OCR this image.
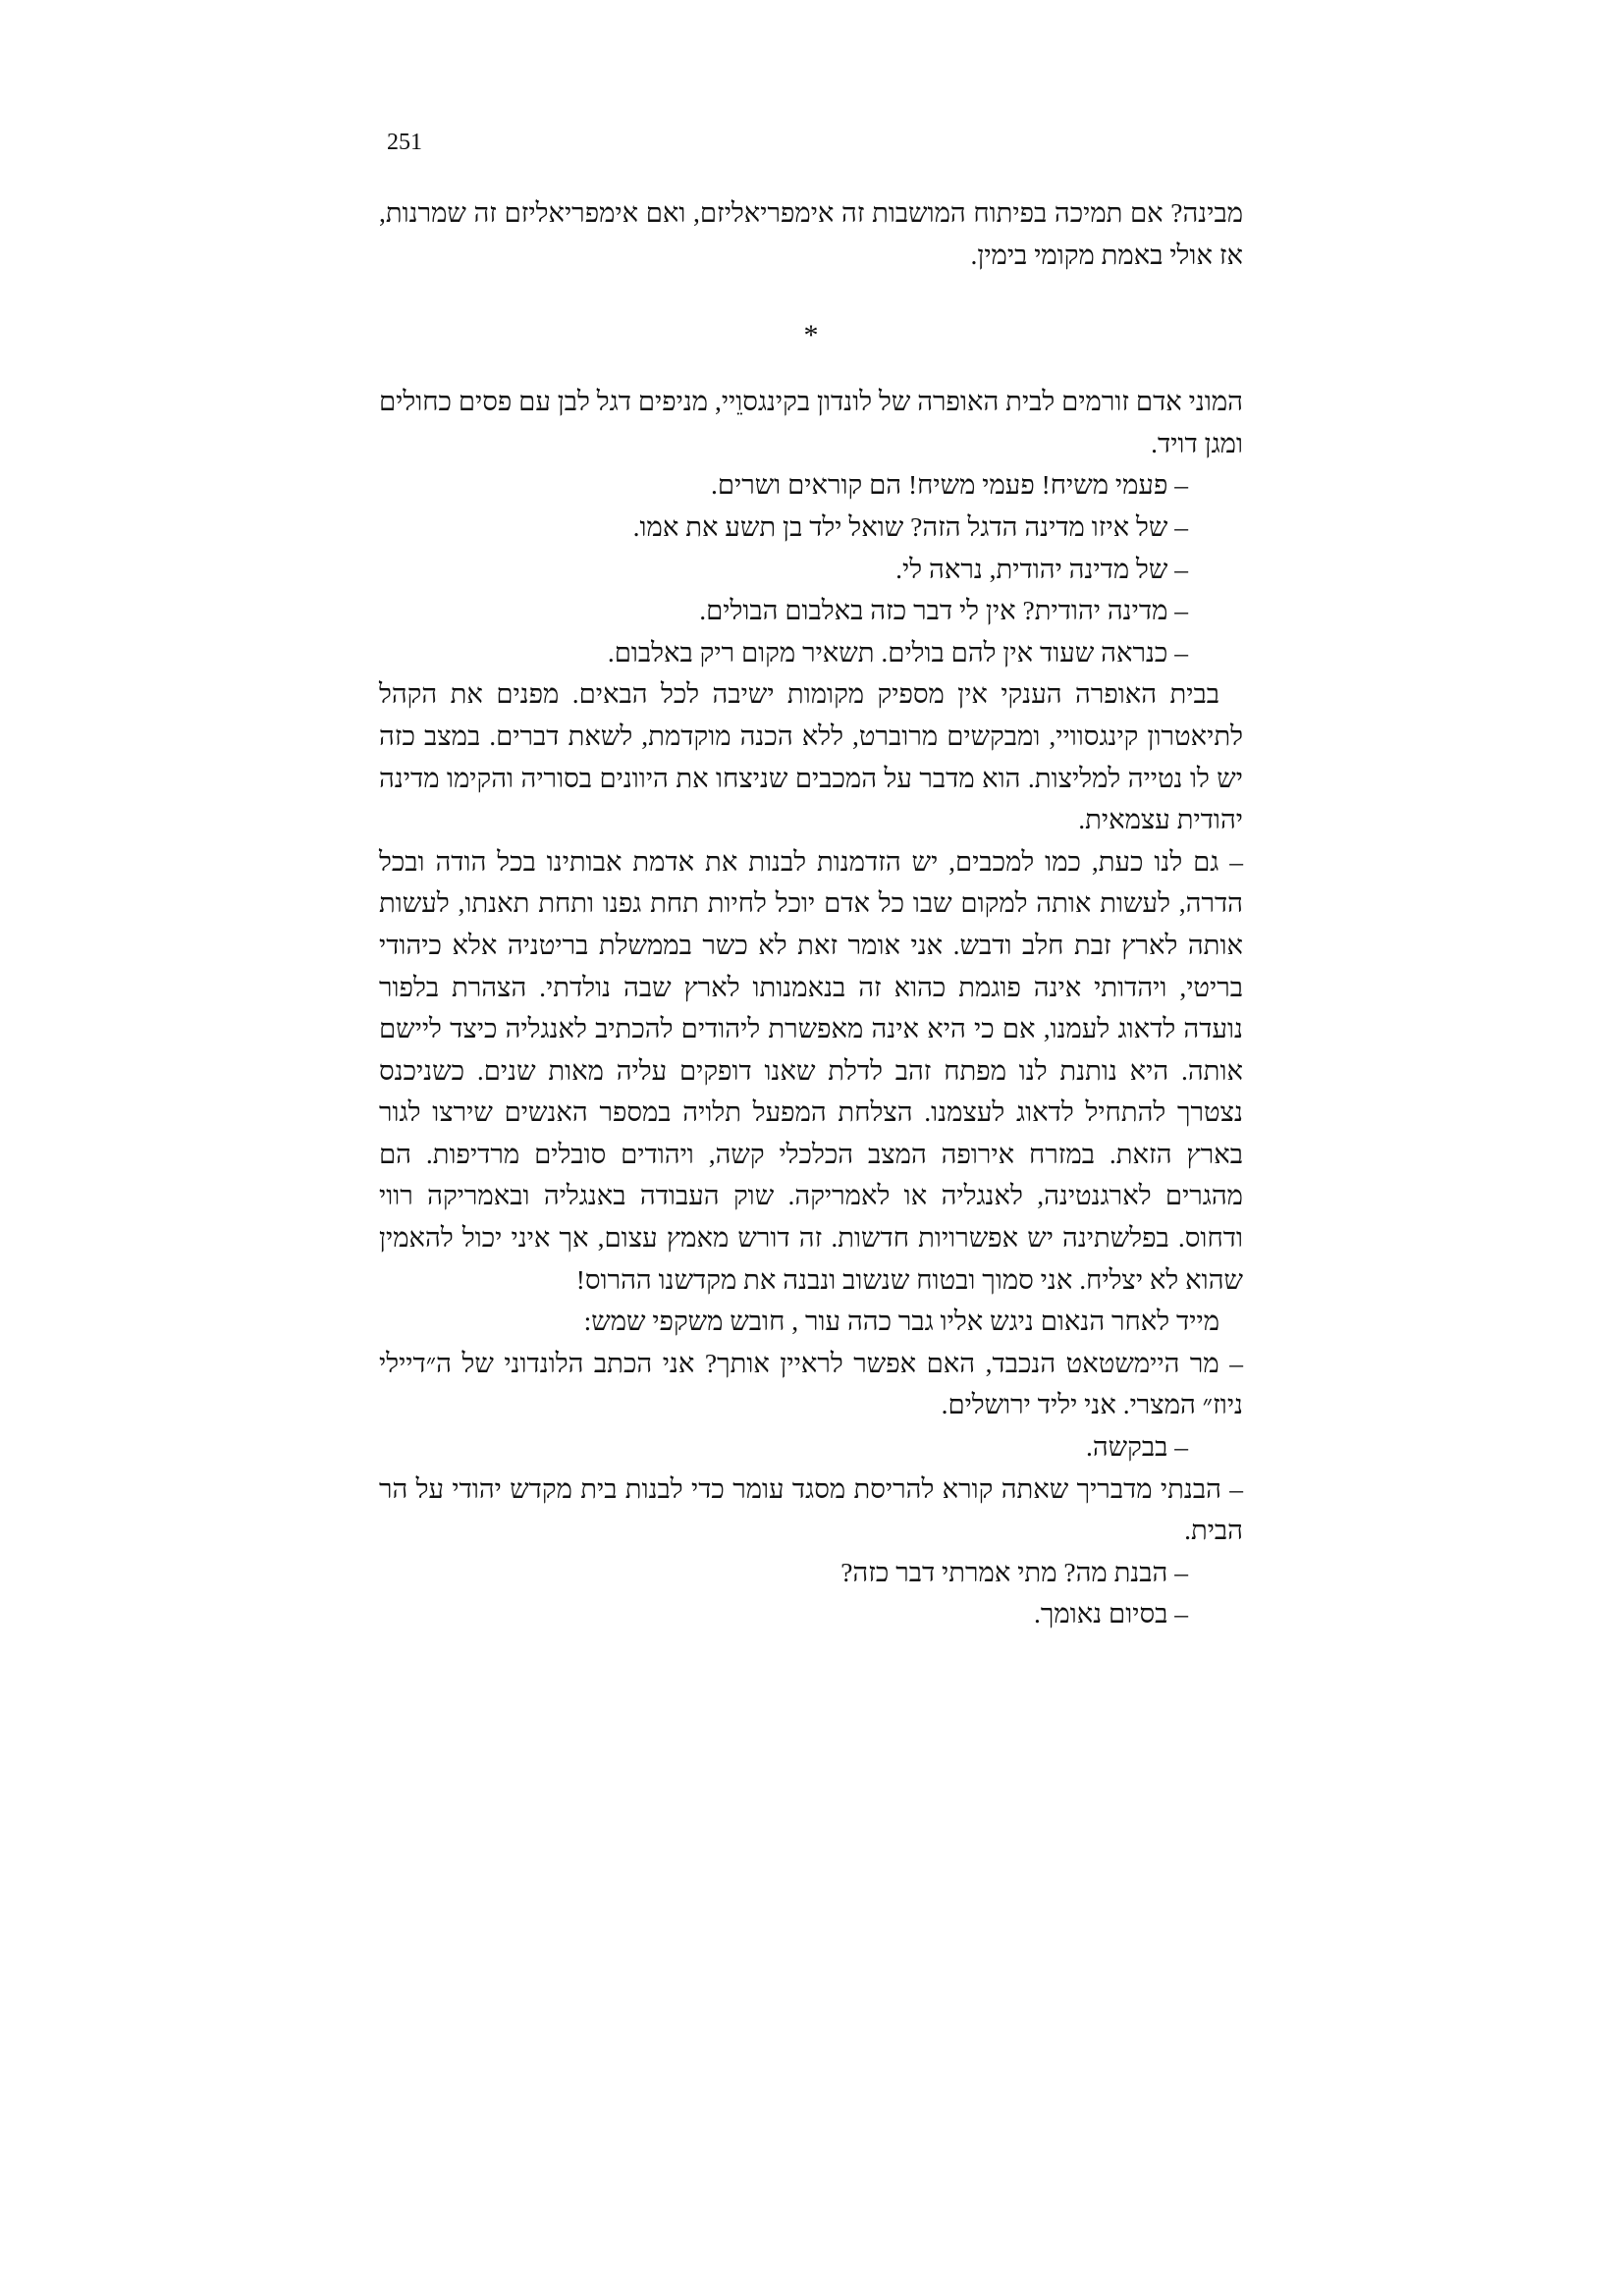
251

מבינה? אם תמיכה בפיתוח המושבות זה אימפריאליזם, ואם אימפריאליזם זה שמרנות, אז אולי באמת מקומי בימין.

*

המוני אדם זורמים לבית האופרה של לונדון בקינגסוֵיי, מניפים דגל לבן עם פסים כחולים ומגן דויד.

– פעמי משיח! פעמי משיח! הם קוראים ושרים.

– של איזו מדינה הדגל הזה? שואל ילד בן תשע את אמו.

– של מדינה יהודית, נראה לי.

– מדינה יהודית? אין לי דבר כזה באלבום הבולים.

– כנראה שעוד אין להם בולים. תשאיר מקום ריק באלבום.

בבית האופרה הענקי אין מספיק מקומות ישיבה לכל הבאים. מפנים את הקהל לתיאטרון קינגסוויי, ומבקשים מרוברט, ללא הכנה מוקדמת, לשאת דברים. במצב כזה יש לו נטייה למליצות. הוא מדבר על המכבים שניצחו את היוונים בסוריה והקימו מדינה יהודית עצמאית.

– גם לנו כעת, כמו למכבים, יש הזדמנות לבנות את אדמת אבותינו בכל הודה ובכל הדרה, לעשות אותה למקום שבו כל אדם יוכל לחיות תחת גפנו ותחת תאנתו, לעשות אותה לארץ זבת חלב ודבש. אני אומר זאת לא כשר בממשלת בריטניה אלא כיהודי בריטי, ויהדותי אינה פוגמת כהוא זה בנאמנותו לארץ שבה נולדתי. הצהרת בלפור נועדה לדאוג לעמנו, אם כי היא אינה מאפשרת ליהודים להכתיב לאנגליה כיצד ליישם אותה. היא נותנת לנו מפתח זהב לדלת שאנו דופקים עליה מאות שנים. כשניכנס נצטרך להתחיל לדאוג לעצמנו. הצלחת המפעל תלויה במספר האנשים שירצו לגור בארץ הזאת. במזרח אירופה המצב הכלכלי קשה, ויהודים סובלים מרדיפות. הם מהגרים לארגנטינה, לאנגליה או לאמריקה. שוק העבודה באנגליה ובאמריקה רווי ודחוס. בפלשתינה יש אפשרויות חדשות. זה דורש מאמץ עצום, אך איני יכול להאמין שהוא לא יצליח. אני סמוך ובטוח שנשוב ונבנה את מקדשנו ההרוס!

מייד לאחר הנאום ניגש אליו גבר כהה עור , חובש משקפי שמש:

– מר היימשטאט הנכבד, האם אפשר לראיין אותך? אני הכתב הלונדוני של ה״דיילי ניוז״ המצרי. אני יליד ירושלים.

– בבקשה.

– הבנתי מדבריך שאתה קורא להריסת מסגד עומר כדי לבנות בית מקדש יהודי על הר הבית.

– הבנת מה? מתי אמרתי דבר כזה?

– בסיום נאומך.
